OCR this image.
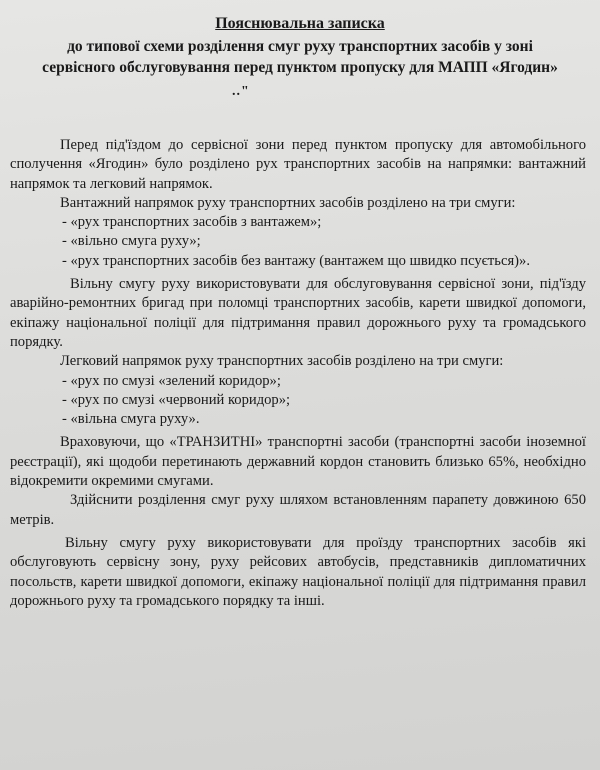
Пояснювальна записка

до типової схеми розділення смуг руху транспортних засобів у зоні
сервісного обслуговування перед пунктом пропуску для МАПП «Ягодин»

.."

Перед під'їздом до сервісної зони перед пунктом пропуску для автомобільного сполучення «Ягодин» було розділено рух транспортних засобів на напрямки: вантажний напрямок та легковий напрямок.

Вантажний напрямок руху транспортних засобів розділено на три смуги:

- «рух транспортних засобів з вантажем»;

- «вільно смуга руху»;

- «рух транспортних засобів без вантажу (вантажем що швидко псується)».

Вільну смугу руху використовувати для обслуговування сервісної зони, під'їзду аварійно-ремонтних бригад при поломці транспортних засобів, карети швидкої допомоги, екіпажу національної поліції для підтримання правил дорожнього руху та громадського порядку.

Легковий напрямок руху транспортних засобів розділено на три смуги:

- «рух по смузі «зелений коридор»;

- «рух по смузі «червоний коридор»;

- «вільна смуга руху».

Враховуючи, що «ТРАНЗИТНІ» транспортні засоби (транспортні засоби іноземної реєстрації), які щодоби перетинають державний кордон становить близько 65%, необхідно відокремити окремими смугами.

Здійснити розділення смуг руху шляхом встановленням парапету довжиною 650 метрів.

Вільну смугу руху використовувати для проїзду транспортних засобів які обслуговують сервісну зону, руху рейсових автобусів, представників дипломатичних посольств, карети швидкої допомоги, екіпажу національної поліції для підтримання правил дорожнього руху та громадського порядку та інші.
